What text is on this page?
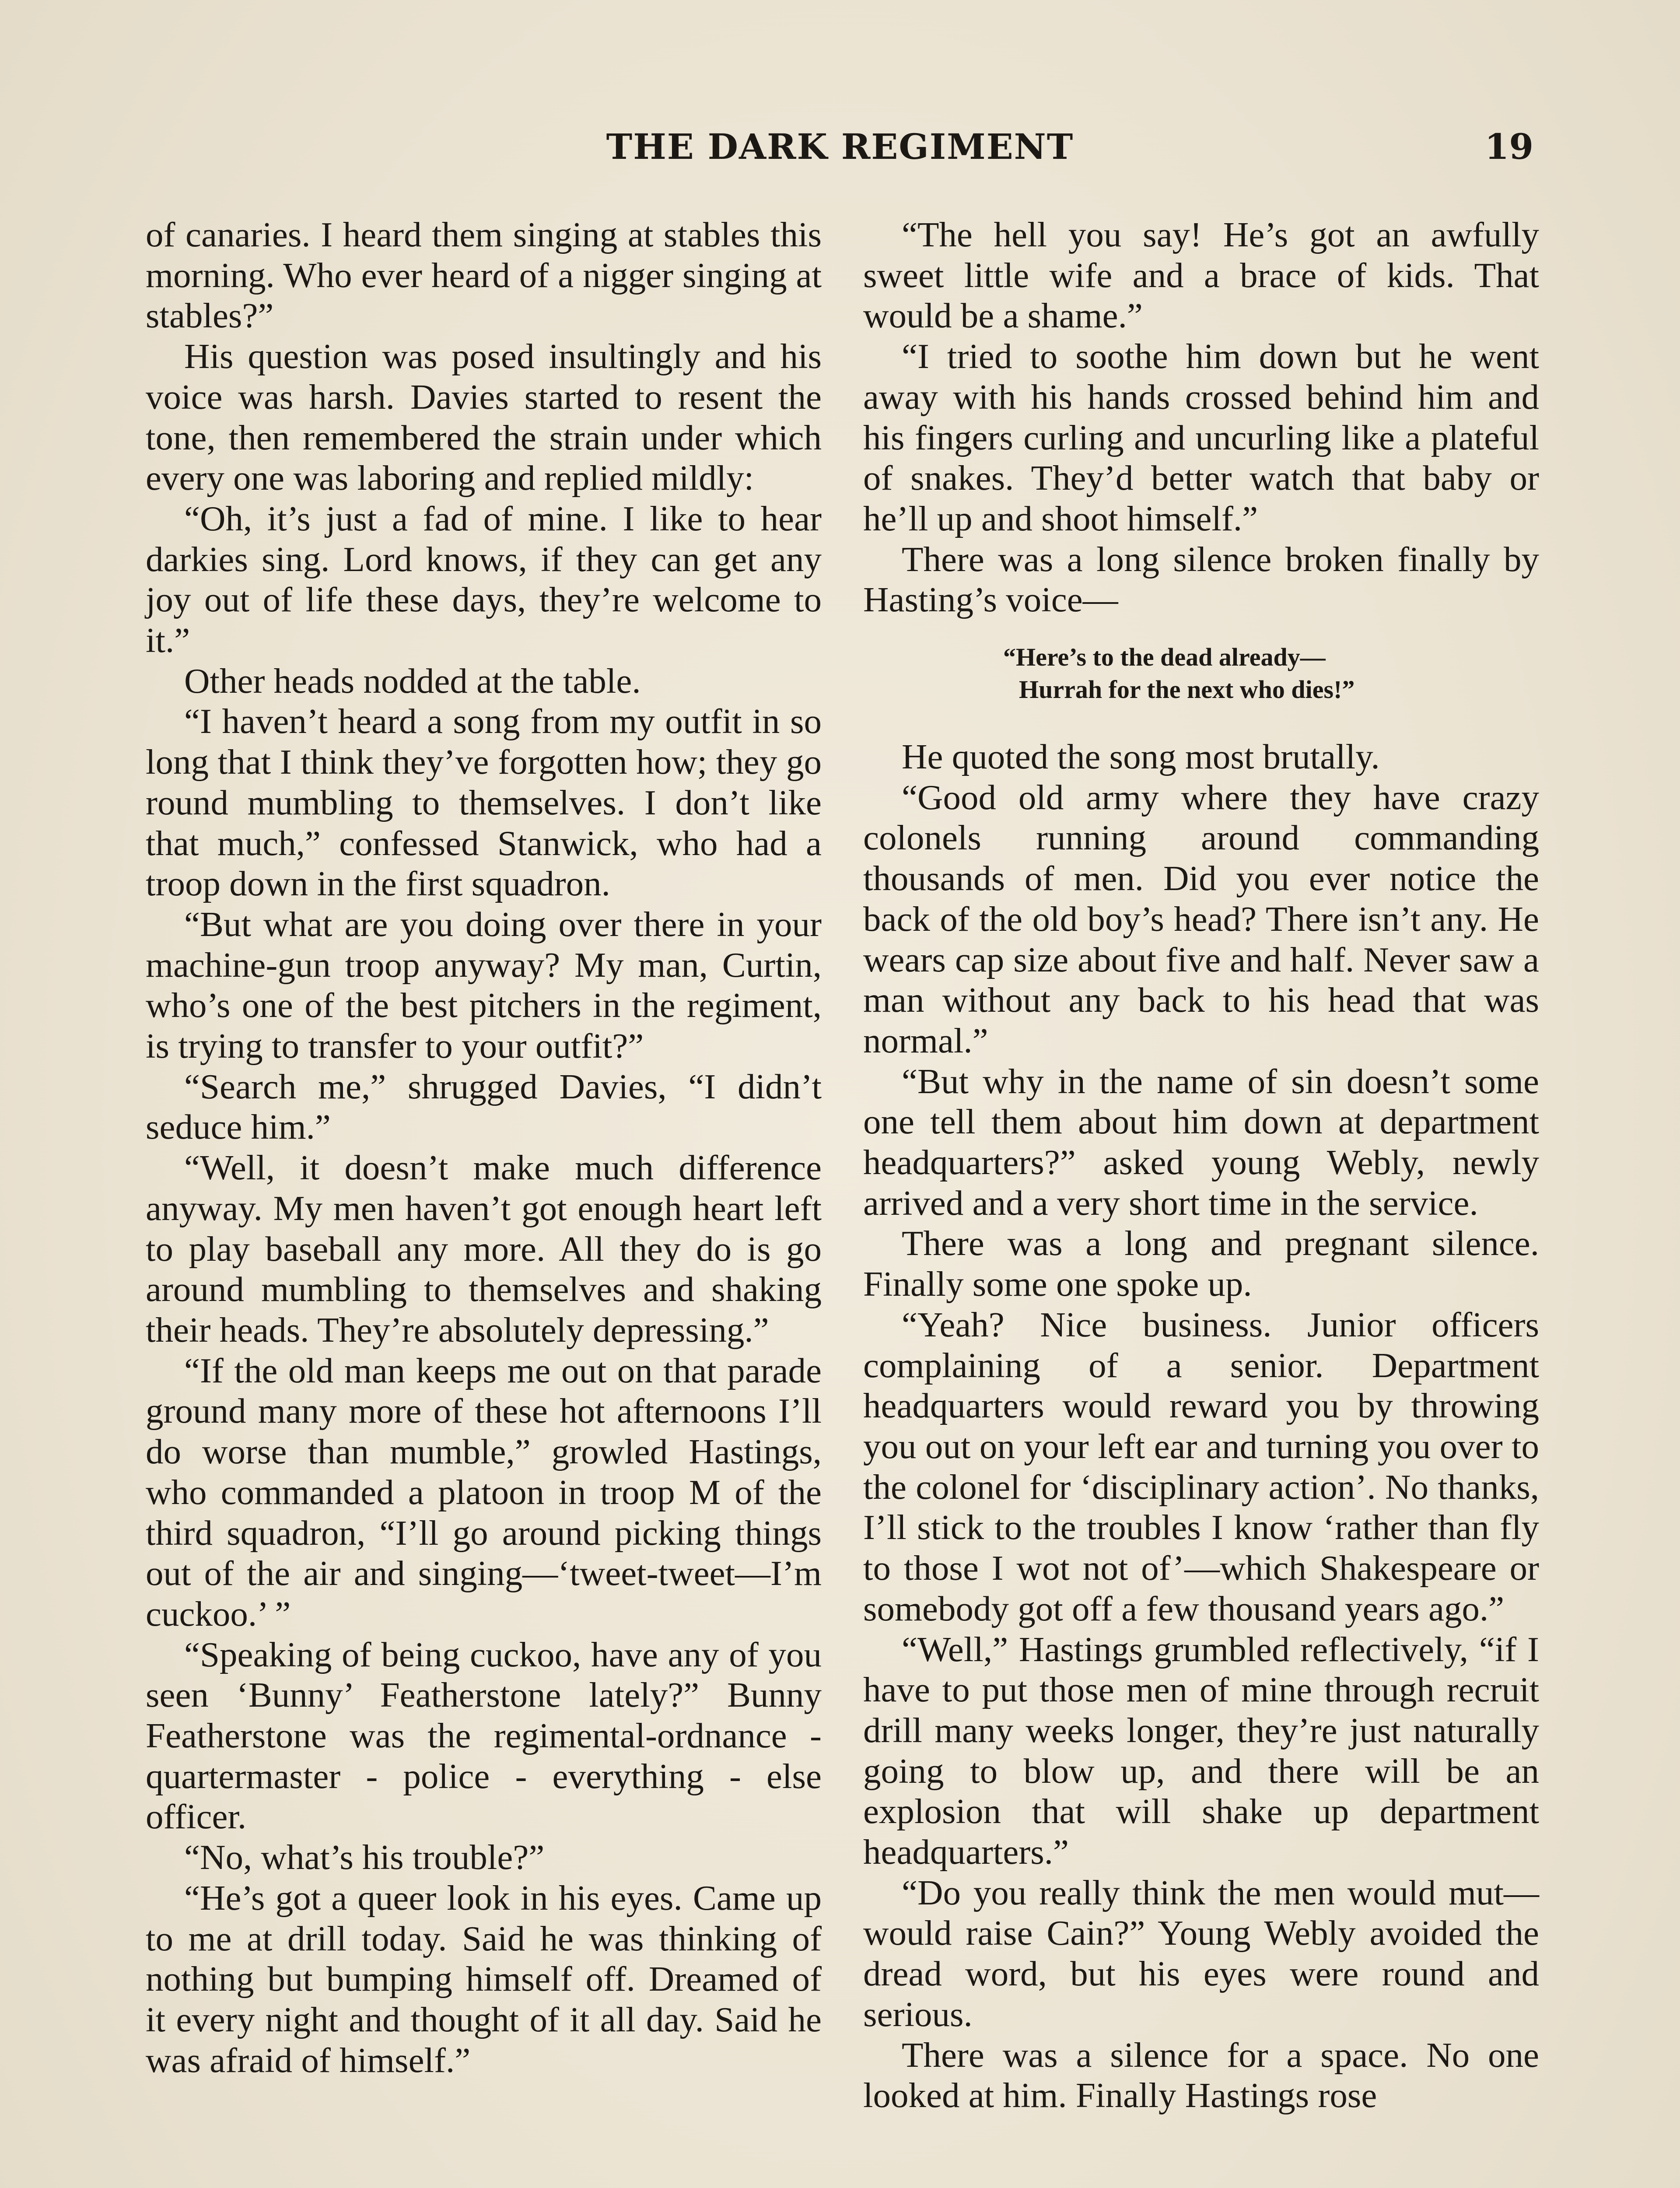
THE DARK REGIMENT	19

of canaries. I heard them singing at stables this morning. Who ever heard of a nigger singing at stables?”

His question was posed insultingly and his voice was harsh. Davies started to resent the tone, then remembered the strain under which every one was laboring and replied mildly:

“Oh, it’s just a fad of mine. I like to hear darkies sing. Lord knows, if they can get any joy out of life these days, they’re welcome to it.”

Other heads nodded at the table.

“I haven’t heard a song from my outfit in so long that I think they’ve forgotten how; they go round mumbling to themselves. I don’t like that much,” confessed Stanwick, who had a troop down in the first squadron.

“But what are you doing over there in your machine-gun troop anyway? My man, Curtin, who’s one of the best pitchers in the regiment, is trying to transfer to your outfit?”

“Search me,” shrugged Davies, “I didn’t seduce him.”

“Well, it doesn’t make much difference anyway. My men haven’t got enough heart left to play baseball any more. All they do is go around mumbling to themselves and shaking their heads. They’re absolutely depressing.”

“If the old man keeps me out on that parade ground many more of these hot afternoons I’ll do worse than mumble,” growled Hastings, who commanded a platoon in troop M of the third squadron, “I’ll go around picking things out of the air and singing—‘tweet-tweet—I’m cuckoo.’ ”

“Speaking of being cuckoo, have any of you seen ‘Bunny’ Featherstone lately?” Bunny Featherstone was the regimental-ordnance - quartermaster - police - everything - else officer.

“No, what’s his trouble?”

“He’s got a queer look in his eyes. Came up to me at drill today. Said he was thinking of nothing but bumping himself off. Dreamed of it every night and thought of it all day. Said he was afraid of himself.”

“The hell you say! He’s got an awfully sweet little wife and a brace of kids. That would be a shame.”

“I tried to soothe him down but he went away with his hands crossed behind him and his fingers curling and uncurling like a plateful of snakes. They’d better watch that baby or he’ll up and shoot himself.”

There was a long silence broken finally by Hasting’s voice—

“Here’s to the dead already—
Hurrah for the next who dies!”

He quoted the song most brutally.

“Good old army where they have crazy colonels running around commanding thousands of men. Did you ever notice the back of the old boy’s head? There isn’t any. He wears cap size about five and half. Never saw a man without any back to his head that was normal.”

“But why in the name of sin doesn’t some one tell them about him down at department headquarters?” asked young Webly, newly arrived and a very short time in the service.

There was a long and pregnant silence. Finally some one spoke up.

“Yeah? Nice business. Junior officers complaining of a senior. Department headquarters would reward you by throwing you out on your left ear and turning you over to the colonel for ‘disciplinary action’. No thanks, I’ll stick to the troubles I know ‘rather than fly to those I wot not of’—which Shakespeare or somebody got off a few thousand years ago.”

“Well,” Hastings grumbled reflectively, “if I have to put those men of mine through recruit drill many weeks longer, they’re just naturally going to blow up, and there will be an explosion that will shake up department headquarters.”

“Do you really think the men would mut—would raise Cain?” Young Webly avoided the dread word, but his eyes were round and serious.

There was a silence for a space. No one looked at him. Finally Hastings rose
